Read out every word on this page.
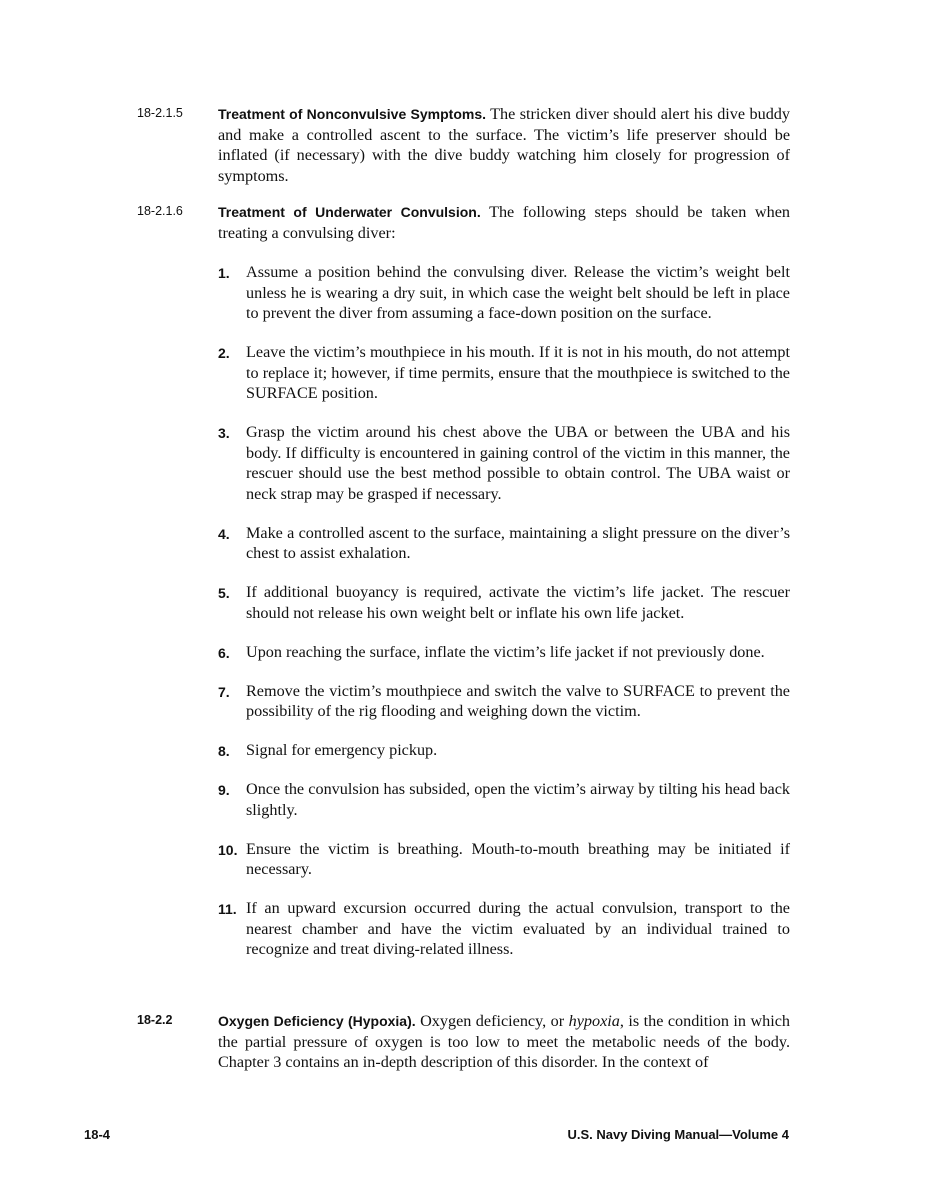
18-2.1.5	Treatment of Nonconvulsive Symptoms. The stricken diver should alert his dive buddy and make a controlled ascent to the surface. The victim’s life preserver should be inflated (if necessary) with the dive buddy watching him closely for progression of symptoms.
18-2.1.6	Treatment of Underwater Convulsion. The following steps should be taken when treating a convulsing diver:
1. Assume a position behind the convulsing diver. Release the victim’s weight belt unless he is wearing a dry suit, in which case the weight belt should be left in place to prevent the diver from assuming a face-down position on the surface.
2. Leave the victim’s mouthpiece in his mouth. If it is not in his mouth, do not attempt to replace it; however, if time permits, ensure that the mouthpiece is switched to the SURFACE position.
3. Grasp the victim around his chest above the UBA or between the UBA and his body. If difficulty is encountered in gaining control of the victim in this manner, the rescuer should use the best method possible to obtain control. The UBA waist or neck strap may be grasped if necessary.
4. Make a controlled ascent to the surface, maintaining a slight pressure on the diver’s chest to assist exhalation.
5. If additional buoyancy is required, activate the victim’s life jacket. The rescuer should not release his own weight belt or inflate his own life jacket.
6. Upon reaching the surface, inflate the victim’s life jacket if not previously done.
7. Remove the victim’s mouthpiece and switch the valve to SURFACE to prevent the possibility of the rig flooding and weighing down the victim.
8. Signal for emergency pickup.
9. Once the convulsion has subsided, open the victim’s airway by tilting his head back slightly.
10. Ensure the victim is breathing. Mouth-to-mouth breathing may be initiated if necessary.
11. If an upward excursion occurred during the actual convulsion, transport to the nearest chamber and have the victim evaluated by an individual trained to recognize and treat diving-related illness.
18-2.2	Oxygen Deficiency (Hypoxia). Oxygen deficiency, or hypoxia, is the condition in which the partial pressure of oxygen is too low to meet the metabolic needs of the body. Chapter 3 contains an in-depth description of this disorder. In the context of
18-4	U.S. Navy Diving Manual—Volume 4
